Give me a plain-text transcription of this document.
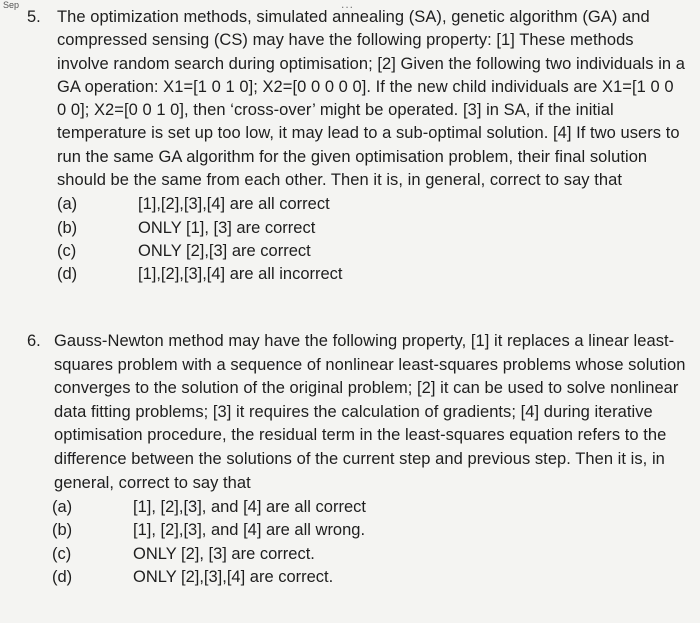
Sep	...
5. The optimization methods, simulated annealing (SA), genetic algorithm (GA) and compressed sensing (CS) may have the following property: [1] These methods involve random search during optimisation; [2] Given the following two individuals in a GA operation: X1=[1 0 1 0]; X2=[0 0 0 0 0]. If the new child individuals are X1=[1 0 0 0 0]; X2=[0 0 1 0], then ‘cross-over’ might be operated. [3] in SA, if the initial temperature is set up too low, it may lead to a sub-optimal solution. [4] If two users to run the same GA algorithm for the given optimisation problem, their final solution should be the same from each other. Then it is, in general, correct to say that
(a)	[1],[2],[3],[4] are all correct
(b)	ONLY [1], [3] are correct
(c)	ONLY [2],[3] are correct
(d)	[1],[2],[3],[4] are all incorrect
6. Gauss-Newton method may have the following property, [1] it replaces a linear least-squares problem with a sequence of nonlinear least-squares problems whose solution converges to the solution of the original problem; [2] it can be used to solve nonlinear data fitting problems; [3] it requires the calculation of gradients; [4] during iterative optimisation procedure, the residual term in the least-squares equation refers to the difference between the solutions of the current step and previous step. Then it is, in general, correct to say that
(a)	[1], [2],[3], and [4] are all correct
(b)	[1], [2],[3], and [4] are all wrong.
(c)	ONLY [2], [3] are correct.
(d)	ONLY [2],[3],[4] are correct.
